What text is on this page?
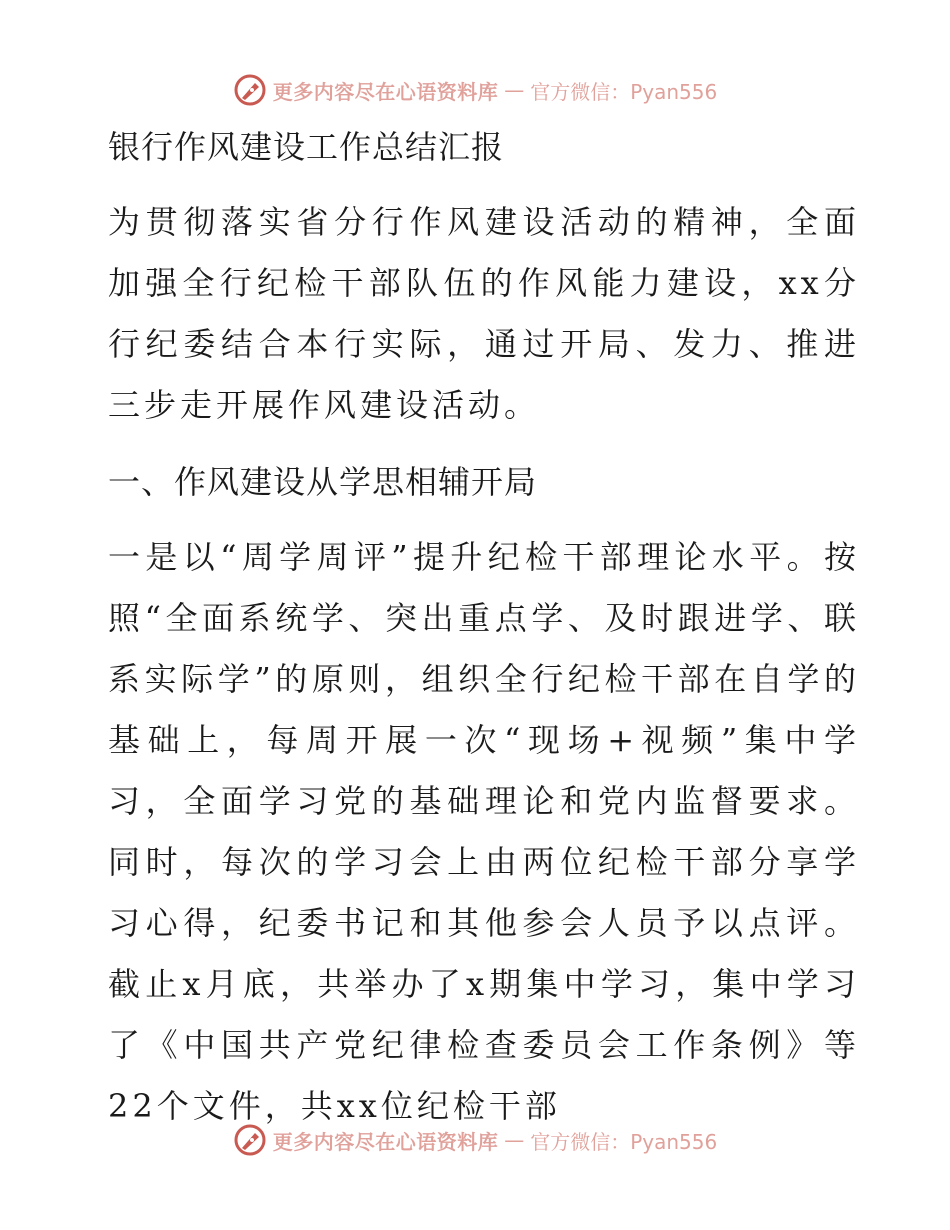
更多内容尽在心语资料库 — 官方微信：Pyan556
银行作风建设工作总结汇报

为贯彻落实省分行作风建设活动的精神，全面加强全行纪检干部队伍的作风能力建设，xx分行纪委结合本行实际，通过开局、发力、推进三步走开展作风建设活动。

一、作风建设从学思相辅开局

一是以“周学周评”提升纪检干部理论水平。按照“全面系统学、突出重点学、及时跟进学、联系实际学”的原则，组织全行纪检干部在自学的基础上，每周开展一次“现场+视频”集中学习，全面学习党的基础理论和党内监督要求。同时，每次的学习会上由两位纪检干部分享学习心得，纪委书记和其他参会人员予以点评。截止x月底，共举办了x期集中学习，集中学习了《中国共产党纪律检查委员会工作条例》等22个文件，共xx位纪检干部

更多内容尽在心语资料库 — 官方微信：Pyan556
